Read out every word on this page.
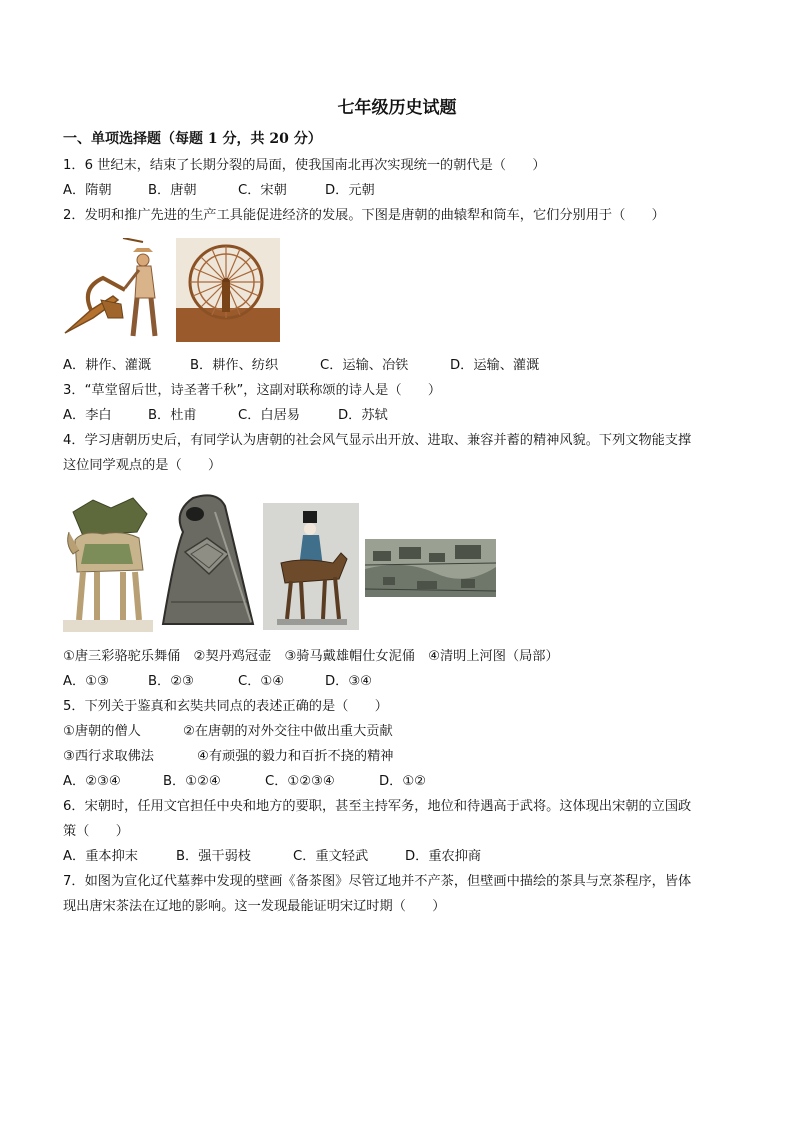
七年级历史试题
一、单项选择题（每题 1 分，共 20 分）
1．6 世纪末，结束了长期分裂的局面，使我国南北再次实现统一的朝代是（　　）
A．隋朝	B．唐朝	C．宋朝	D．元朝
2．发明和推广先进的生产工具能促进经济的发展。下图是唐朝的曲辕犁和筒车，它们分别用于（　　）
A．耕作、灌溉	B．耕作、纺织	C．运输、冶铁	D．运输、灌溉
3．“草堂留后世，诗圣著千秋”，这副对联称颂的诗人是（　　）
A．李白	B．杜甫	C．白居易	D．苏轼
4．学习唐朝历史后，有同学认为唐朝的社会风气显示出开放、进取、兼容并蓄的精神风貌。下列文物能支撑
这位同学观点的是（　　）
①唐三彩骆驼乐舞俑　②契丹鸡冠壶　③骑马戴雄帽仕女泥俑　④清明上河图（局部）
A．①③	B．②③	C．①④	D．③④
5．下列关于鉴真和玄奘共同点的表述正确的是（　　）
①唐朝的僧人	②在唐朝的对外交往中做出重大贡献
③西行求取佛法	④有顽强的毅力和百折不挠的精神
A．②③④	B．①②④	C．①②③④	D．①②
6．宋朝时，任用文官担任中央和地方的要职，甚至主持军务，地位和待遇高于武将。这体现出宋朝的立国政
策（　　）
A．重本抑末	B．强干弱枝	C．重文轻武	D．重农抑商
7．如图为宣化辽代墓葬中发现的壁画《备茶图》尽管辽地并不产茶，但壁画中描绘的茶具与烹茶程序，皆体
现出唐宋茶法在辽地的影响。这一发现最能证明宋辽时期（　　）
